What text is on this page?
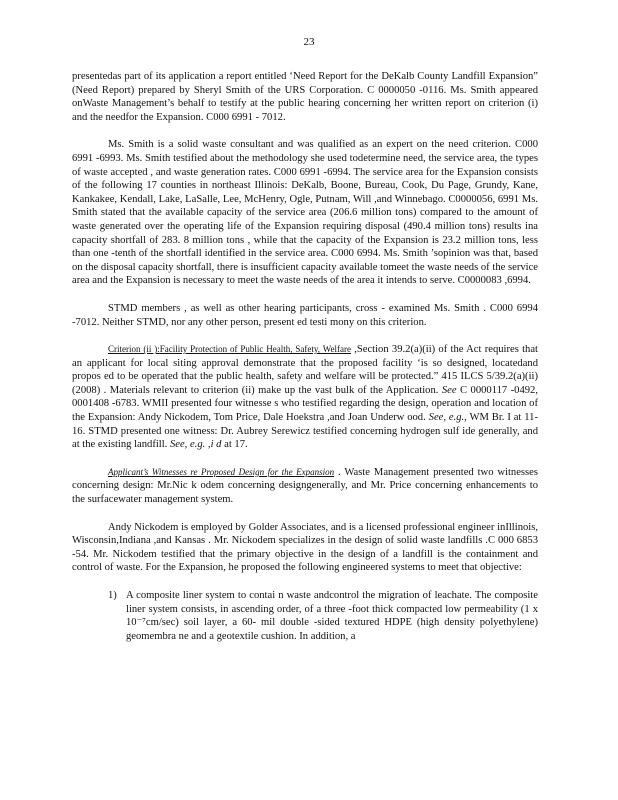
23

presentedas part of its application a report entitled ‘Need Report for the DeKalb County Landfill Expansion” (Need Report) prepared by Sheryl Smith of the URS Corporation. C 0000050 -0116. Ms. Smith appeared onWaste Management’s behalf to testify at the public hearing concerning her written report on criterion (i) and the needfor the Expansion. C000 6991 - 7012.

Ms. Smith is a solid waste consultant and was qualified as an expert on the need criterion. C000 6991 -6993. Ms. Smith testified about the methodology she used todetermine need, the service area, the types of waste accepted , and waste generation rates. C000 6991 -6994. The service area for the Expansion consists of the following 17 counties in northeast Illinois: DeKalb, Boone, Bureau, Cook, Du Page, Grundy, Kane, Kankakee, Kendall, Lake, LaSalle, Lee, McHenry, Ogle, Putnam, Will ,and Winnebago. C0000056, 6991 Ms. Smith stated that the available capacity of the service area (206.6 million tons) compared to the amount of waste generated over the operating life of the Expansion requiring disposal (490.4 million tons) results ina capacity shortfall of 283. 8 million tons , while that the capacity of the Expansion is 23.2 million tons, less than one -tenth of the shortfall identified in the service area. C000 6994. Ms. Smith ’sopinion was that, based on the disposal capacity shortfall, there is insufficient capacity available tomeet the waste needs of the service area and the Expansion is necessary to meet the waste needs of the area it intends to serve. C0000083 ,6994.

STMD members , as well as other hearing participants, cross - examined Ms. Smith . C000 6994 -7012. Neither STMD, nor any other person, present ed testi mony on this criterion.

Criterion (ii ):Facility Protection of Public Health, Safety, Welfare ,Section 39.2(a)(ii) of the Act requires that an applicant for local siting approval demonstrate that the proposed facility ‘is so designed, locatedand propos ed to be operated that the public health, safety and welfare will be protected.” 415 ILCS 5/39.2(a)(ii) (2008) . Materials relevant to criterion (ii) make up the vast bulk of the Application. See C 0000117 -0492, 0001408 -6783. WMII presented four witnesse s who testified regarding the design, operation and location of the Expansion: Andy Nickodem, Tom Price, Dale Hoekstra ,and Joan Underw ood. See, e.g., WM Br. I at 11-16. STMD presented one witness: Dr. Aubrey Serewicz testified concerning hydrogen sulf ide generally, and at the existing landfill. See, e.g. ,i d at 17.

Applicant’s Witnesses re Proposed Design for the Expansion . Waste Management presented two witnesses concerning design: Mr.Nic k odem concerning designgenerally, and Mr. Price concerning enhancements to the surfacewater management system.

Andy Nickodem is employed by Golder Associates, and is a licensed professional engineer inIllinois, Wisconsin,Indiana ,and Kansas . Mr. Nickodem specializes in the design of solid waste landfills .C 000 6853 -54. Mr. Nickodem testified that the primary objective in the design of a landfill is the containment and control of waste. For the Expansion, he proposed the following engineered systems to meet that objective:

1) A composite liner system to contai n waste andcontrol the migration of leachate. The composite liner system consists, in ascending order, of a three -foot thick compacted low permeability (1 x 10⁻⁷cm/sec) soil layer, a 60- mil double -sided textured HDPE (high density polyethylene) geomembra ne and a geotextile cushion. In addition, a
